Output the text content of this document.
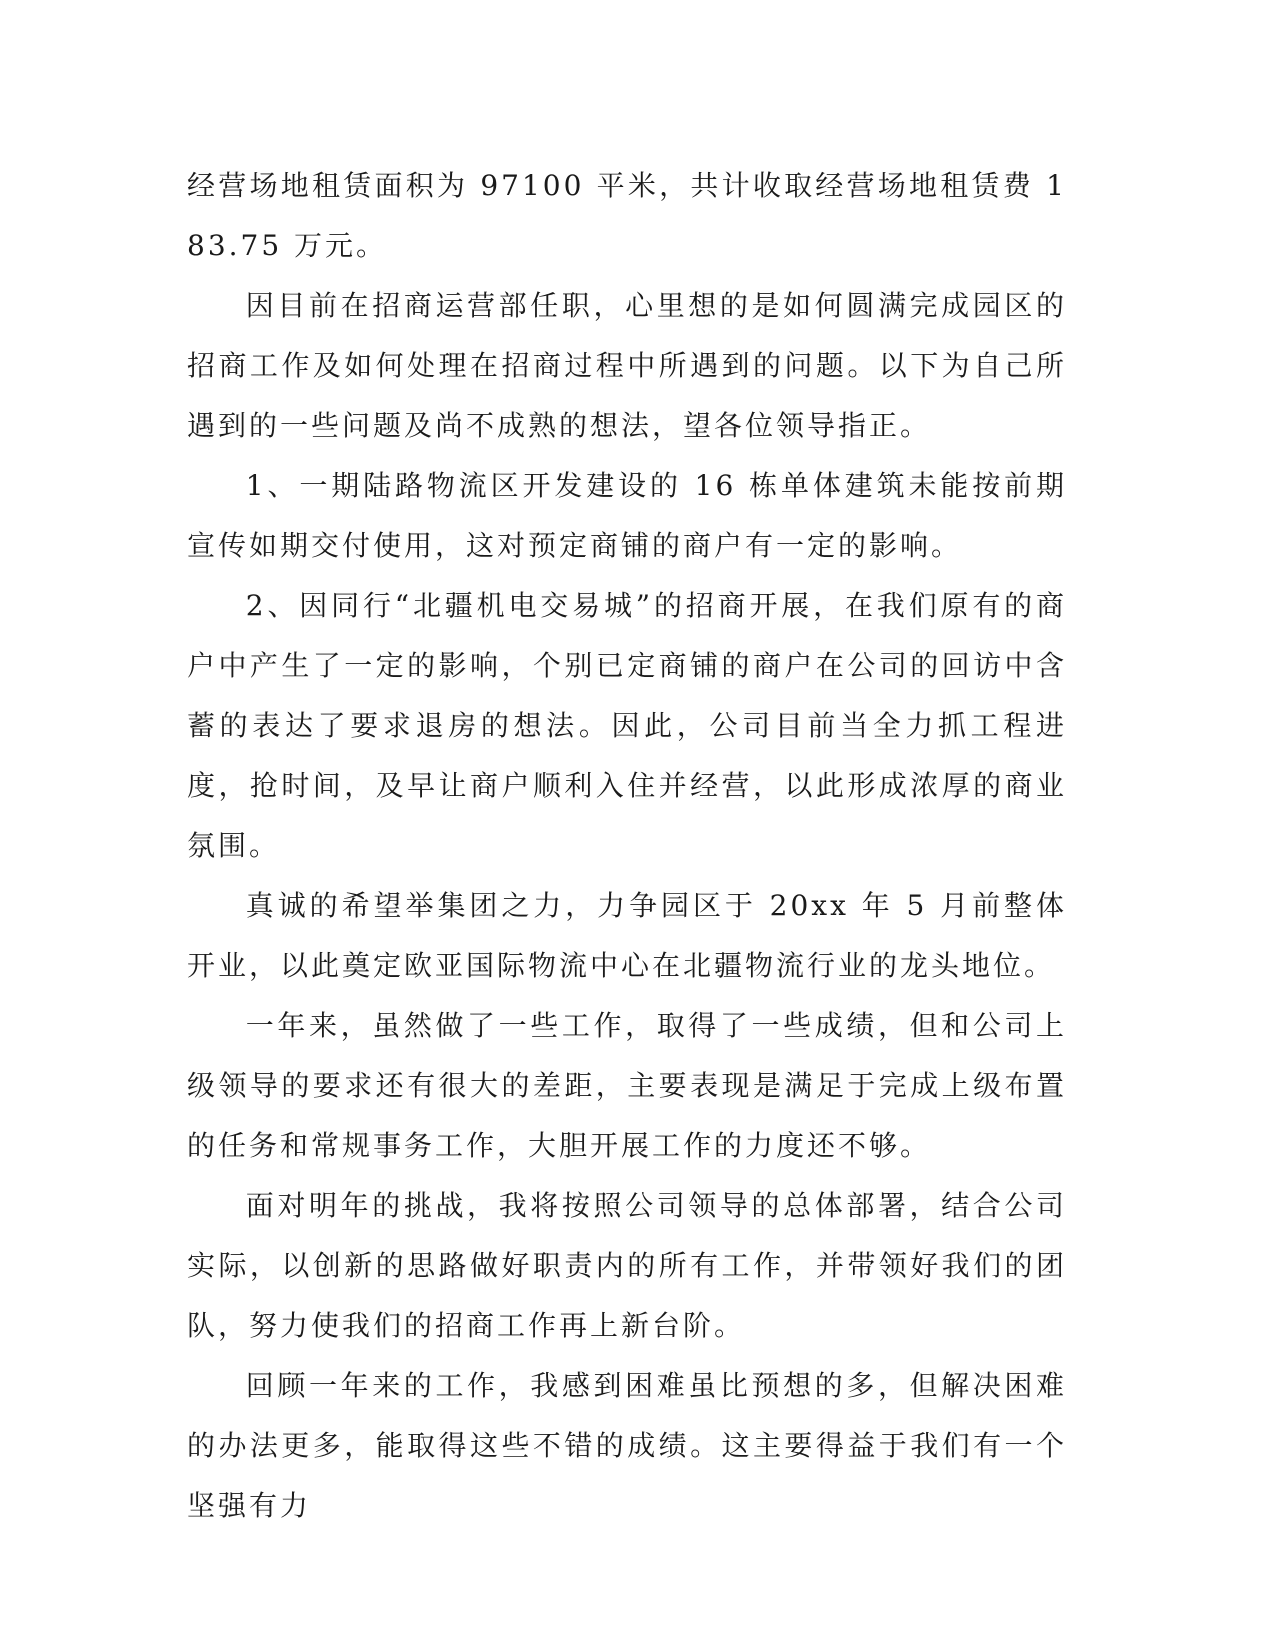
经营场地租赁面积为 97100 平米，共计收取经营场地租赁费 183.75 万元。

因目前在招商运营部任职，心里想的是如何圆满完成园区的招商工作及如何处理在招商过程中所遇到的问题。以下为自己所遇到的一些问题及尚不成熟的想法，望各位领导指正。

1、一期陆路物流区开发建设的 16 栋单体建筑未能按前期宣传如期交付使用，这对预定商铺的商户有一定的影响。

2、因同行“北疆机电交易城”的招商开展，在我们原有的商户中产生了一定的影响，个别已定商铺的商户在公司的回访中含蓄的表达了要求退房的想法。因此，公司目前当全力抓工程进度，抢时间，及早让商户顺利入住并经营，以此形成浓厚的商业氛围。

真诚的希望举集团之力，力争园区于 20xx 年 5 月前整体开业，以此奠定欧亚国际物流中心在北疆物流行业的龙头地位。

一年来，虽然做了一些工作，取得了一些成绩，但和公司上级领导的要求还有很大的差距，主要表现是满足于完成上级布置的任务和常规事务工作，大胆开展工作的力度还不够。

面对明年的挑战，我将按照公司领导的总体部署，结合公司实际，以创新的思路做好职责内的所有工作，并带领好我们的团队，努力使我们的招商工作再上新台阶。

回顾一年来的工作，我感到困难虽比预想的多，但解决困难的办法更多，能取得这些不错的成绩。这主要得益于我们有一个坚强有力
